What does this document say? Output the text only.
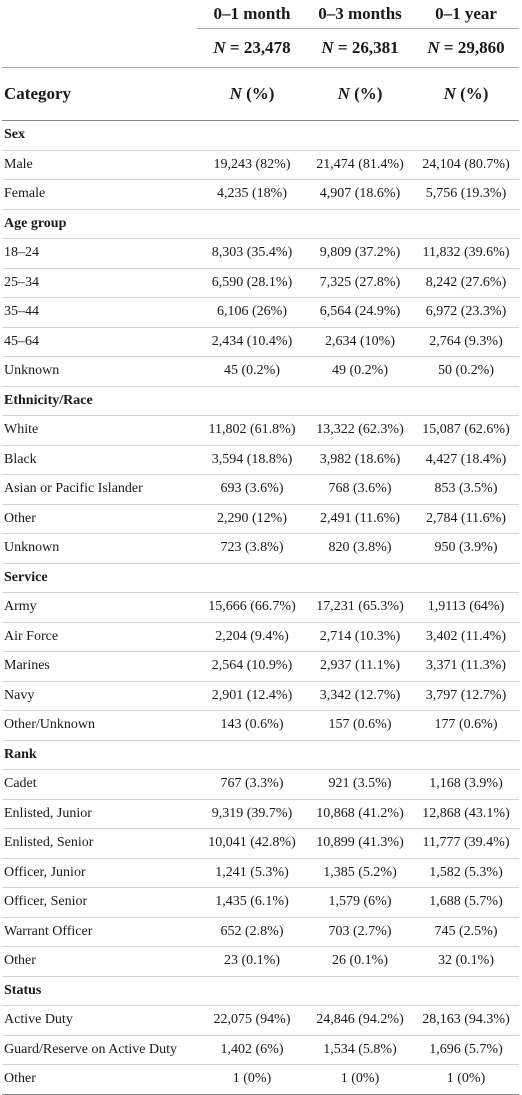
	0–1 month	0–3 months	0–1 year
	N = 23,478	N = 26,381	N = 29,860
Category	N (%)	N (%)	N (%)
Sex			
Male	19,243 (82%)	21,474 (81.4%)	24,104 (80.7%)
Female	4,235 (18%)	4,907 (18.6%)	5,756 (19.3%)
Age group			
18–24	8,303 (35.4%)	9,809 (37.2%)	11,832 (39.6%)
25–34	6,590 (28.1%)	7,325 (27.8%)	8,242 (27.6%)
35–44	6,106 (26%)	6,564 (24.9%)	6,972 (23.3%)
45–64	2,434 (10.4%)	2,634 (10%)	2,764 (9.3%)
Unknown	45 (0.2%)	49 (0.2%)	50 (0.2%)
Ethnicity/Race			
White	11,802 (61.8%)	13,322 (62.3%)	15,087 (62.6%)
Black	3,594 (18.8%)	3,982 (18.6%)	4,427 (18.4%)
Asian or Pacific Islander	693 (3.6%)	768 (3.6%)	853 (3.5%)
Other	2,290 (12%)	2,491 (11.6%)	2,784 (11.6%)
Unknown	723 (3.8%)	820 (3.8%)	950 (3.9%)
Service			
Army	15,666 (66.7%)	17,231 (65.3%)	1,9113 (64%)
Air Force	2,204 (9.4%)	2,714 (10.3%)	3,402 (11.4%)
Marines	2,564 (10.9%)	2,937 (11.1%)	3,371 (11.3%)
Navy	2,901 (12.4%)	3,342 (12.7%)	3,797 (12.7%)
Other/Unknown	143 (0.6%)	157 (0.6%)	177 (0.6%)
Rank			
Cadet	767 (3.3%)	921 (3.5%)	1,168 (3.9%)
Enlisted, Junior	9,319 (39.7%)	10,868 (41.2%)	12,868 (43.1%)
Enlisted, Senior	10,041 (42.8%)	10,899 (41.3%)	11,777 (39.4%)
Officer, Junior	1,241 (5.3%)	1,385 (5.2%)	1,582 (5.3%)
Officer, Senior	1,435 (6.1%)	1,579 (6%)	1,688 (5.7%)
Warrant Officer	652 (2.8%)	703 (2.7%)	745 (2.5%)
Other	23 (0.1%)	26 (0.1%)	32 (0.1%)
Status			
Active Duty	22,075 (94%)	24,846 (94.2%)	28,163 (94.3%)
Guard/Reserve on Active Duty	1,402 (6%)	1,534 (5.8%)	1,696 (5.7%)
Other	1 (0%)	1 (0%)	1 (0%)
